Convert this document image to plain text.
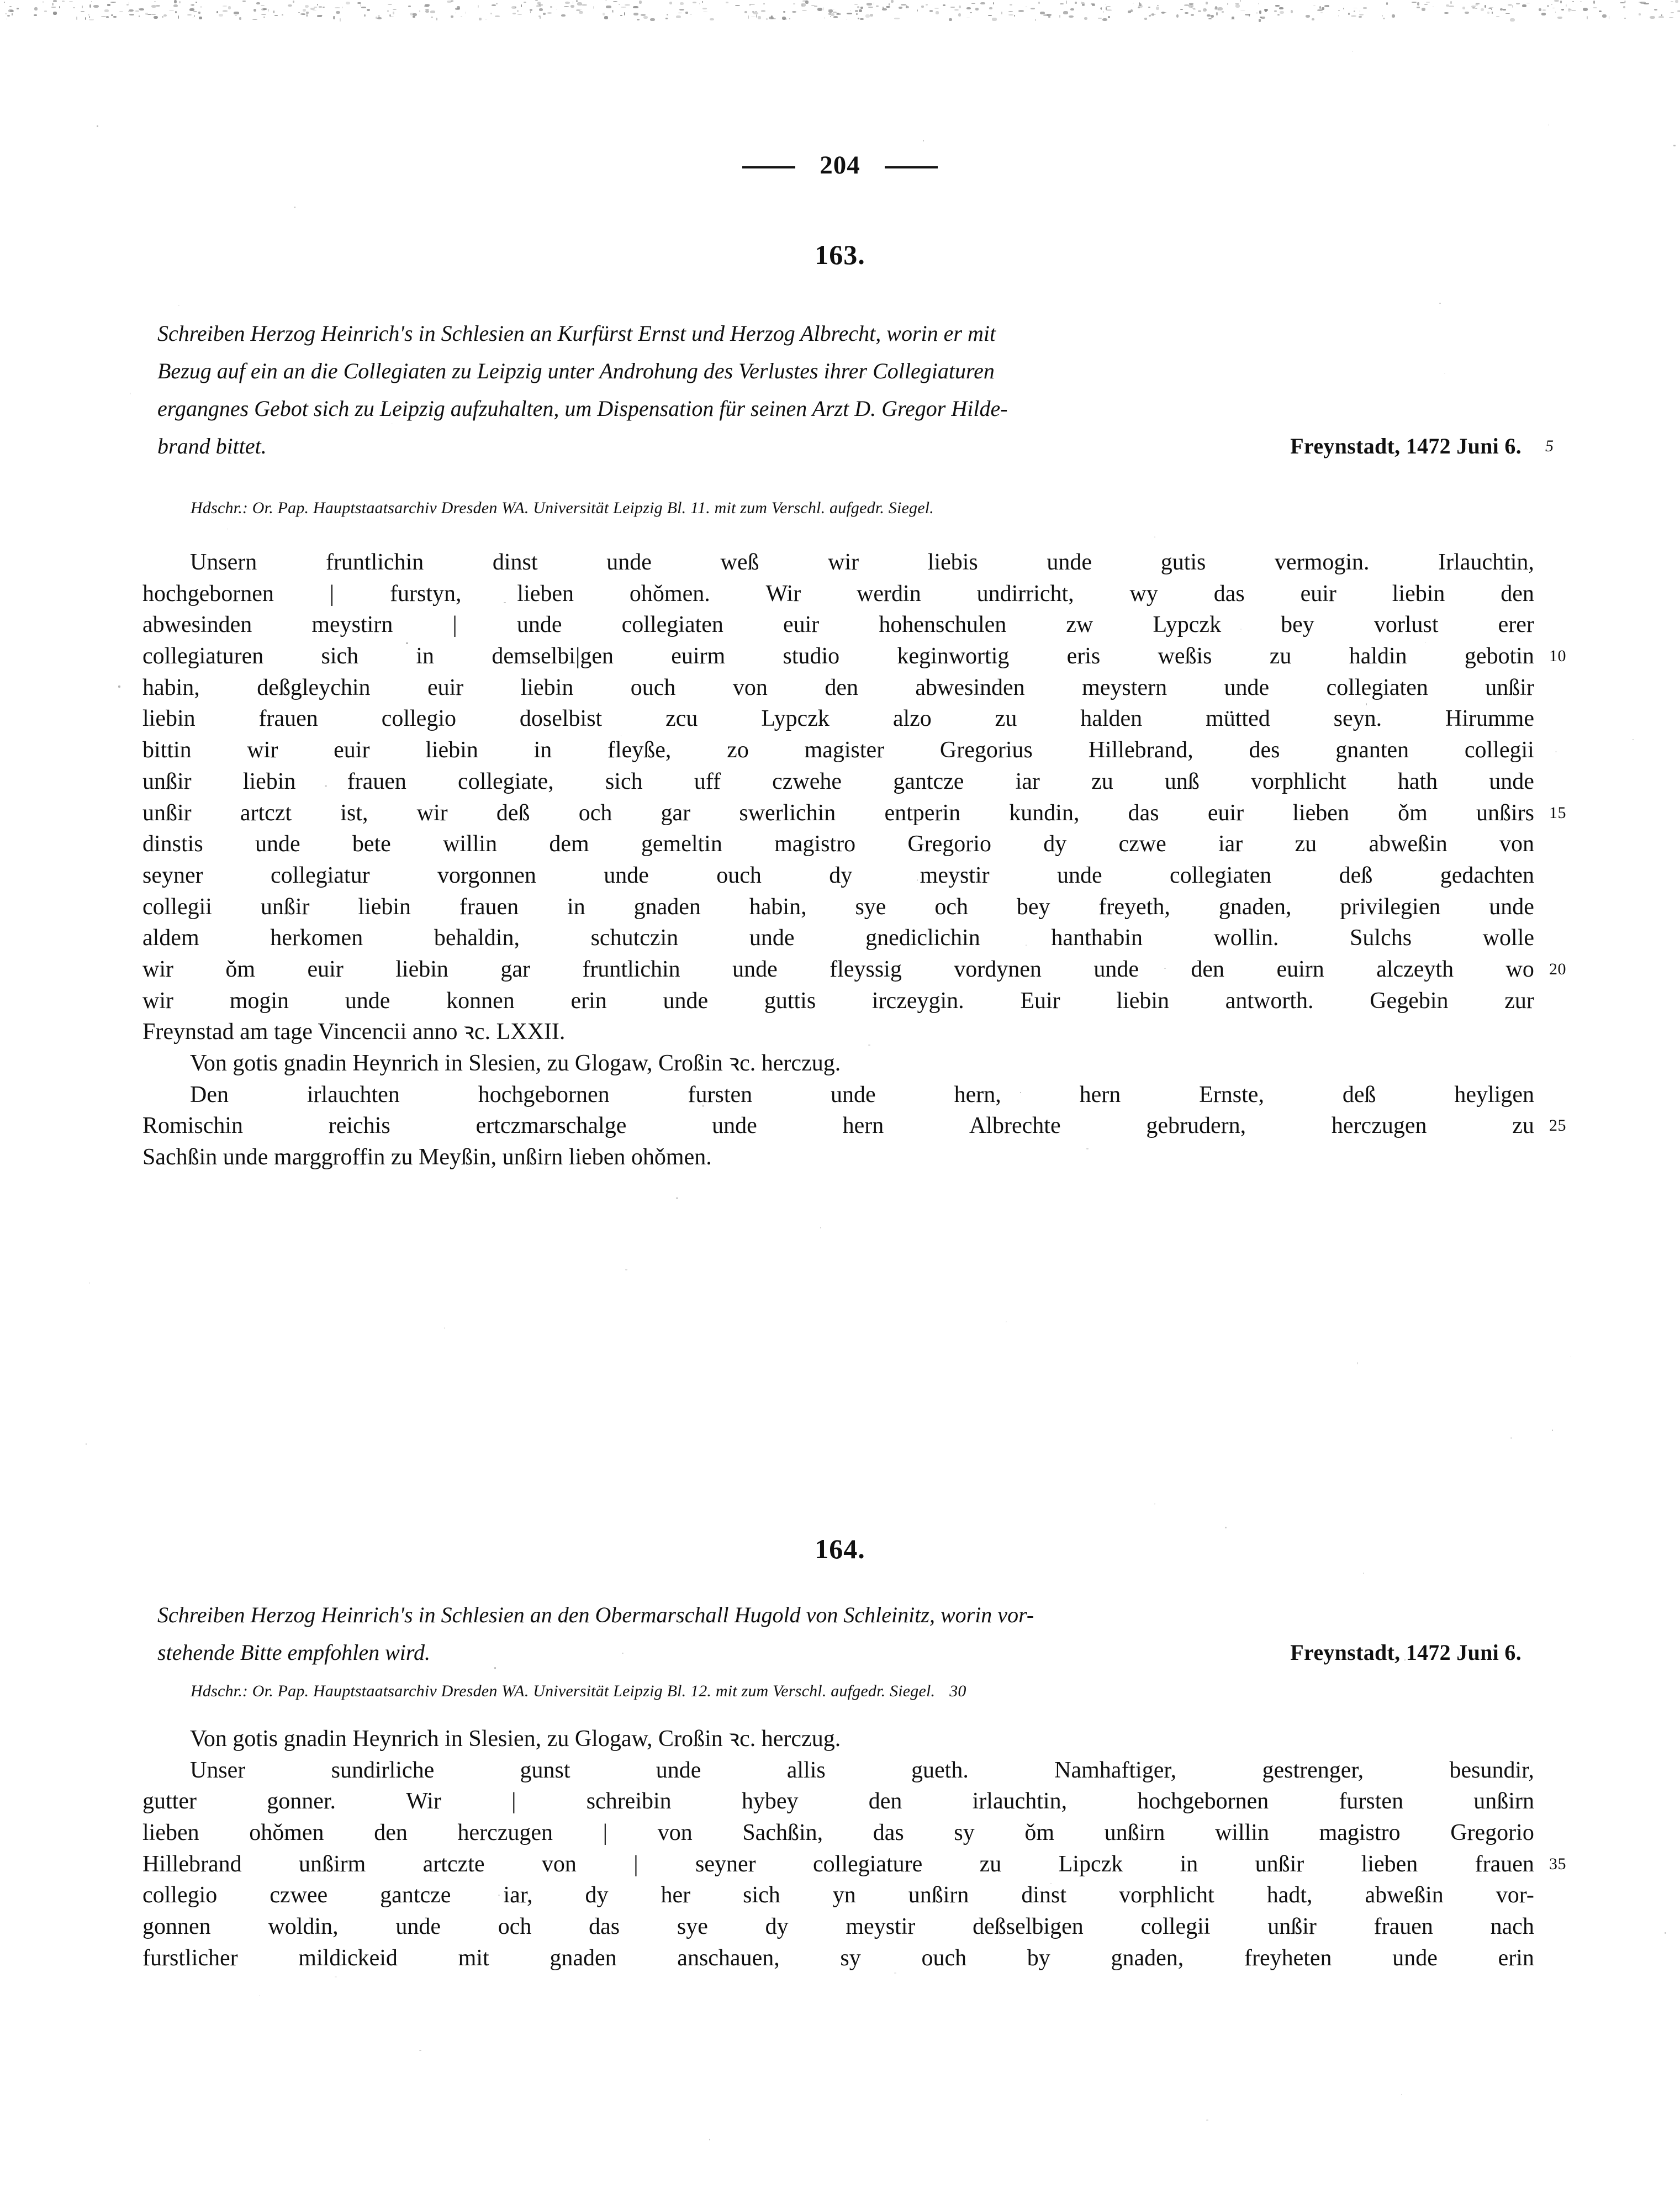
204
163.
Schreiben Herzog Heinrich's in Schlesien an Kurfürst Ernst und Herzog Albrecht, worin er mit
Bezug auf ein an die Collegiaten zu Leipzig unter Androhung des Verlustes ihrer Collegiaturen
ergangnes Gebot sich zu Leipzig aufzuhalten, um Dispensation für seinen Arzt D. Gregor Hilde-
brand bittet.	Freynstadt, 1472 Juni 6. 5
Hdschr.: Or. Pap. Hauptstaatsarchiv Dresden WA. Universität Leipzig Bl. 11. mit zum Verschl. aufgedr. Siegel.
Unsern	fruntlichin	dinst	unde	weß	wir	liebis	unde	gutis	vermogin.	Irlauchtin,
hochgebornen | furstyn, lieben ohǒmen. Wir werdin undirricht, wy das euir liebin den
abwesinden	meystirn	|	unde	collegiaten	euir	hohenschulen	zw	Lypczk	bey	vorlust	erer
collegiaturen sich in demselbi|gen euirm studio keginwortig eris weßis zu haldin gebotin 10
habin, deßgleychin euir liebin ouch von den abwesinden meystern unde collegiaten unßir
liebin	frauen	collegio	doselbist	zcu	Lypczk	alzo	zu	halden	mütted	seyn.	Hirumme
bittin wir euir liebin in fleyße, zo magister Gregorius Hillebrand, des gnanten collegii
unßir liebin frauen collegiate, sich uff czwehe gantcze iar zu unß vorphlicht hath unde
unßir artczt ist, wir deß och gar swerlichin entperin kundin, das euir lieben ǒm unßirs 15
dinstis unde bete willin dem gemeltin magistro Gregorio dy czwe iar zu abweßin von
seyner	collegiatur	vorgonnen	unde	ouch	dy	meystir	unde	collegiaten	deß	gedachten
collegii unßir liebin frauen in gnaden habin, sye och bey freyeth, gnaden, privilegien unde
aldem	herkomen	behaldin,	schutczin	unde	gnediclichin	hanthabin	wollin.	Sulchs	wolle
wir ǒm euir liebin gar fruntlichin unde fleyssig vordynen unde den euirn alczeyth wo 20
wir mogin unde konnen erin unde guttis irczeygin. Euir liebin antworth. Gegebin zur
Freynstad am tage Vincencii anno ꝛc. LXXII.
Von gotis gnadin Heynrich in Slesien, zu Glogaw, Croßin ꝛc. herczug.
Den	irlauchten	hochgebornen	fursten	unde	hern,	hern	Ernste,	deß	heyligen
Romischin	reichis	ertczmarschalge	unde	hern	Albrechte	gebrudern,	herczugen	zu 25
Sachßin unde marggroffin zu Meyßin, unßirn lieben ohǒmen.
164.
Schreiben Herzog Heinrich's in Schlesien an den Obermarschall Hugold von Schleinitz, worin vor-
stehende Bitte empfohlen wird.	Freynstadt, 1472 Juni 6.
Hdschr.: Or. Pap. Hauptstaatsarchiv Dresden WA. Universität Leipzig Bl. 12. mit zum Verschl. aufgedr. Siegel. 30
Von gotis gnadin Heynrich in Slesien, zu Glogaw, Croßin ꝛc. herczug.
Unser	sundirliche	gunst	unde	allis	gueth.	Namhaftiger,	gestrenger,	besundir,
gutter	gonner.	Wir	|	schreibin	hybey	den	irlauchtin,	hochgebornen	fursten	unßirn
lieben ohǒmen den herczugen | von Sachßin, das sy ǒm unßirn willin magistro Gregorio
Hillebrand unßirm artczte von | seyner collegiature zu Lipczk in unßir lieben frauen 35
collegio czwee gantcze iar, dy her sich yn unßirn dinst vorphlicht hadt, abweßin vor-
gonnen woldin, unde och das sye dy meystir deßselbigen collegii unßir frauen nach
furstlicher	mildickeid	mit	gnaden	anschauen,	sy	ouch	by	gnaden,	freyheten	unde	erin
